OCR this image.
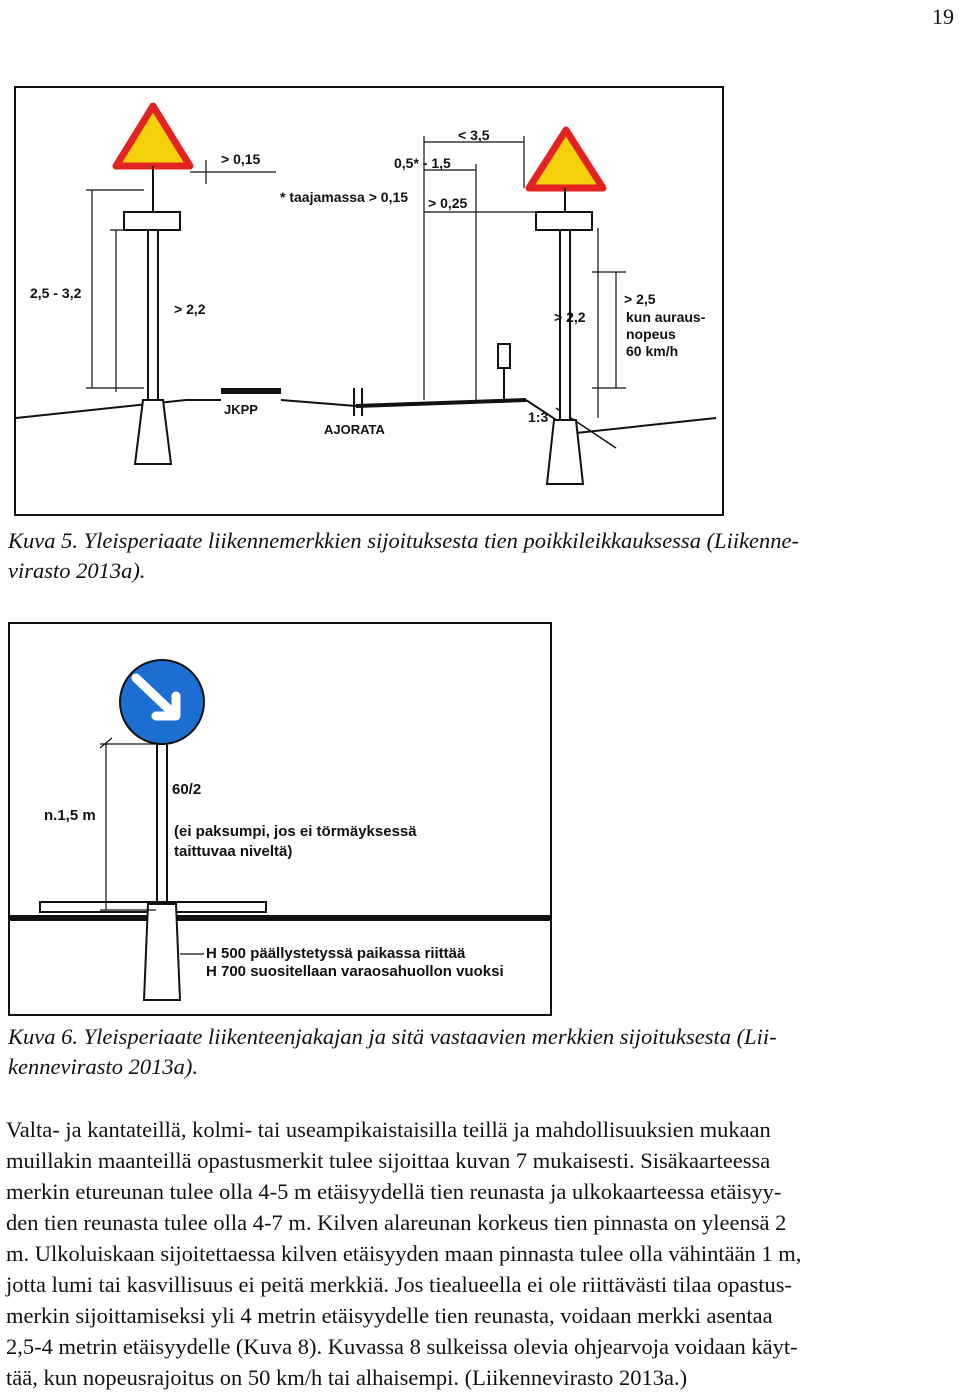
19
> 0,15
< 3,5
0,5* - 1,5
* taajamassa > 0,15 > 0,25
2,5 - 3,2
> 2,2	> 2,2
> 2,5
kun auraus-
nopeus
60 km/h
1:3
JKPP
AJORATA

Kuva 5. Yleisperiaate liikennemerkkien sijoituksesta tien poikkileikkauksessa (Liikenne-
virasto 2013a).

n.1,5 m
60/2
(ei paksumpi, jos ei törmäyksessä
taittuvaa niveltä)
H 500 päällystetyssä paikassa riittää
H 700 suositellaan varaosahuollon vuoksi

Kuva 6. Yleisperiaate liikenteenjakajan ja sitä vastaavien merkkien sijoituksesta (Lii-
kennevirasto 2013a).

Valta- ja kantateillä, kolmi- tai useampikaistaisilla teillä ja mahdollisuuksien mukaan
muillakin maanteillä opastusmerkit tulee sijoittaa kuvan 7 mukaisesti. Sisäkaarteessa
merkin etureunan tulee olla 4-5 m etäisyydellä tien reunasta ja ulkokaarteessa etäisyy-
den tien reunasta tulee olla 4-7 m. Kilven alareunan korkeus tien pinnasta on yleensä 2
m. Ulkoluiskaan sijoitettaessa kilven etäisyyden maan pinnasta tulee olla vähintään 1 m,
jotta lumi tai kasvillisuus ei peitä merkkiä. Jos tiealueella ei ole riittävästi tilaa opastus-
merkin sijoittamiseksi yli 4 metrin etäisyydelle tien reunasta, voidaan merkki asentaa
2,5-4 metrin etäisyydelle (Kuva 8). Kuvassa 8 sulkeissa olevia ohjearvoja voidaan käyt-
tää, kun nopeusrajoitus on 50 km/h tai alhaisempi. (Liikennevirasto 2013a.)
